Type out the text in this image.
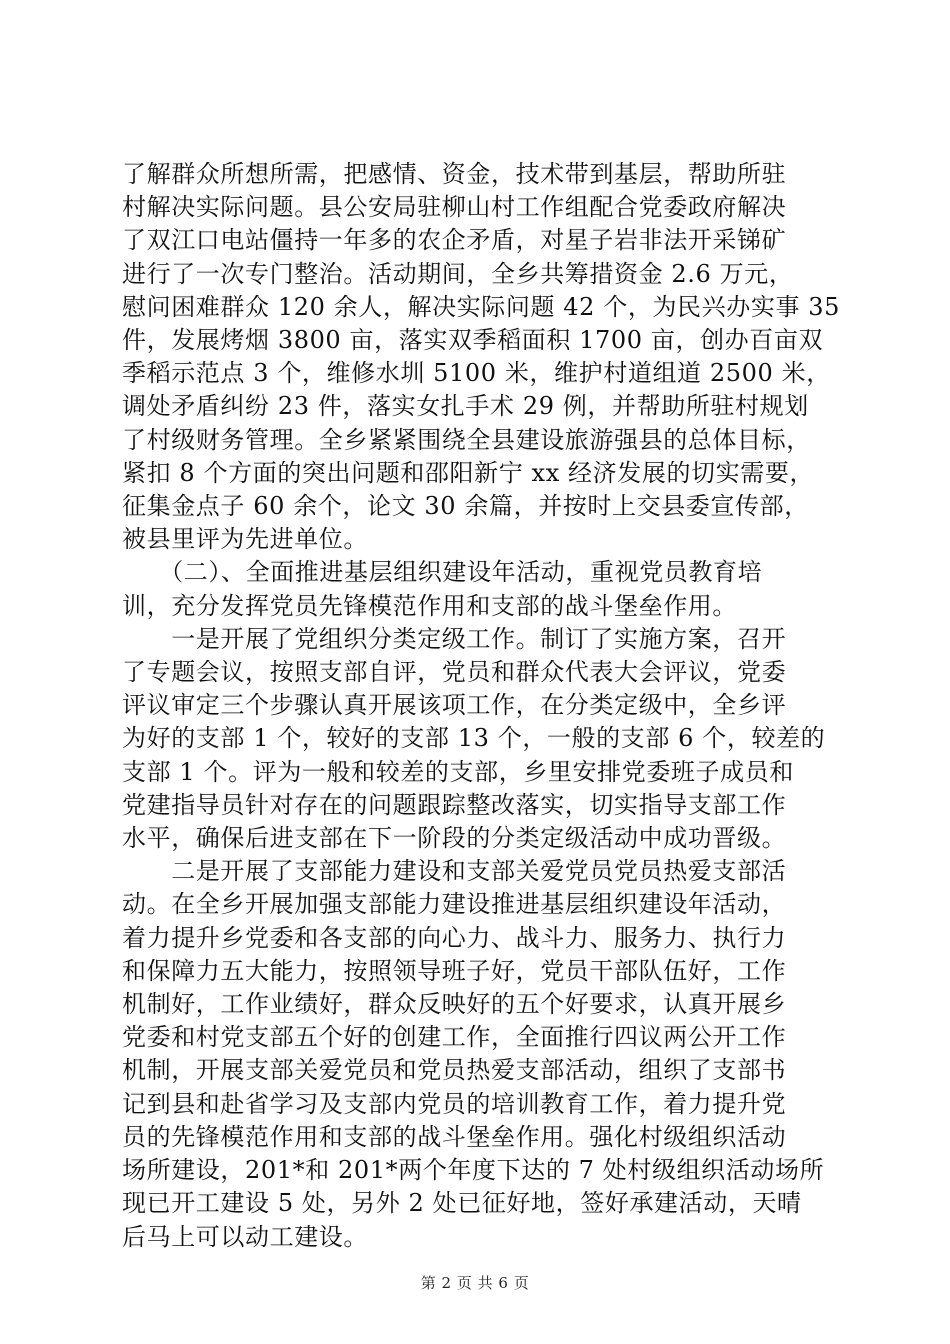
了解群众所想所需，把感情、资金，技术带到基层，帮助所驻
村解决实际问题。县公安局驻柳山村工作组配合党委政府解决
了双江口电站僵持一年多的农企矛盾，对星子岩非法开采锑矿
进行了一次专门整治。活动期间，全乡共筹措资金 2.6 万元，
慰问困难群众 120 余人，解决实际问题 42 个，为民兴办实事 35
件，发展烤烟 3800 亩，落实双季稻面积 1700 亩，创办百亩双
季稻示范点 3 个，维修水圳 5100 米，维护村道组道 2500 米，
调处矛盾纠纷 23 件，落实女扎手术 29 例，并帮助所驻村规划
了村级财务管理。全乡紧紧围绕全县建设旅游强县的总体目标，
紧扣 8 个方面的突出问题和邵阳新宁 xx 经济发展的切实需要，
征集金点子 60 余个，论文 30 余篇，并按时上交县委宣传部，
被县里评为先进单位。
　　（二）、全面推进基层组织建设年活动，重视党员教育培
训，充分发挥党员先锋模范作用和支部的战斗堡垒作用。
　　一是开展了党组织分类定级工作。制订了实施方案，召开
了专题会议，按照支部自评，党员和群众代表大会评议，党委
评议审定三个步骤认真开展该项工作，在分类定级中，全乡评
为好的支部 1 个，较好的支部 13 个，一般的支部 6 个，较差的
支部 1 个。评为一般和较差的支部，乡里安排党委班子成员和
党建指导员针对存在的问题跟踪整改落实，切实指导支部工作
水平，确保后进支部在下一阶段的分类定级活动中成功晋级。
　　二是开展了支部能力建设和支部关爱党员党员热爱支部活
动。在全乡开展加强支部能力建设推进基层组织建设年活动，
着力提升乡党委和各支部的向心力、战斗力、服务力、执行力
和保障力五大能力，按照领导班子好，党员干部队伍好，工作
机制好，工作业绩好，群众反映好的五个好要求，认真开展乡
党委和村党支部五个好的创建工作，全面推行四议两公开工作
机制，开展支部关爱党员和党员热爱支部活动，组织了支部书
记到县和赴省学习及支部内党员的培训教育工作，着力提升党
员的先锋模范作用和支部的战斗堡垒作用。强化村级组织活动
场所建设，201*和 201*两个年度下达的 7 处村级组织活动场所
现已开工建设 5 处，另外 2 处已征好地，签好承建活动，天晴
后马上可以动工建设。
第 2 页 共 6 页
